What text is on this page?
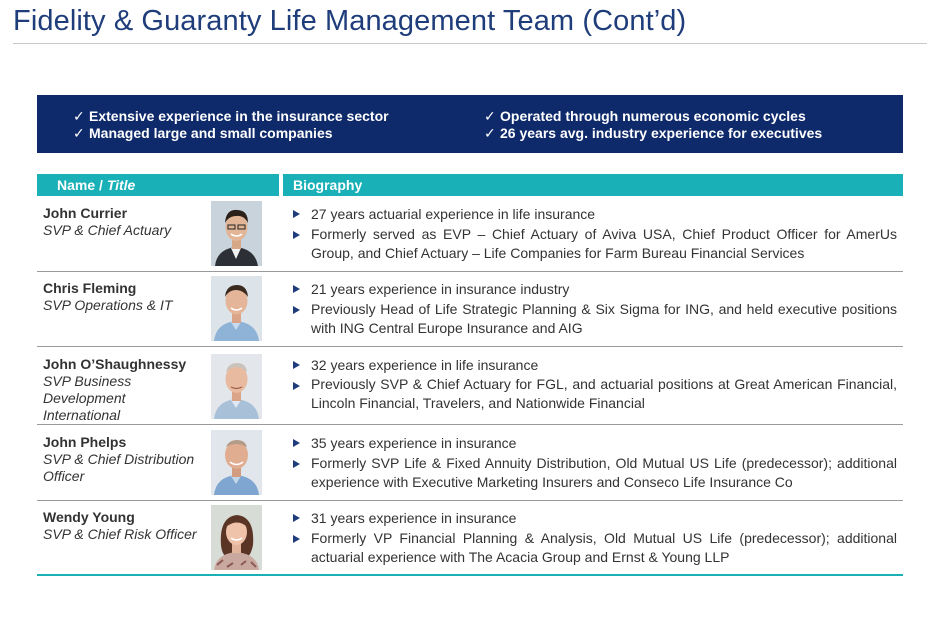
Fidelity & Guaranty Life Management Team (Cont’d)
✓ Extensive experience in the insurance sector
✓ Managed large and small companies
✓ Operated through numerous economic cycles
✓ 26 years avg. industry experience for executives
Name / Title	Biography
John Currier
SVP & Chief Actuary
27 years actuarial experience in life insurance
Formerly served as EVP – Chief Actuary of Aviva USA, Chief Product Officer for AmerUs Group, and Chief Actuary – Life Companies for Farm Bureau Financial Services
Chris Fleming
SVP Operations & IT
21 years experience in insurance industry
Previously Head of Life Strategic Planning & Six Sigma for ING, and held executive positions with ING Central Europe Insurance and AIG
John O’Shaughnessy
SVP Business Development International
32 years experience in life insurance
Previously SVP & Chief Actuary for FGL, and actuarial positions at Great American Financial, Lincoln Financial, Travelers, and Nationwide Financial
John Phelps
SVP & Chief Distribution Officer
35 years experience in insurance
Formerly SVP Life & Fixed Annuity Distribution, Old Mutual US Life (predecessor); additional experience with Executive Marketing Insurers and Conseco Life Insurance Co
Wendy Young
SVP & Chief Risk Officer
31 years experience in insurance
Formerly VP Financial Planning & Analysis, Old Mutual US Life (predecessor); additional actuarial experience with The Acacia Group and Ernst & Young LLP
